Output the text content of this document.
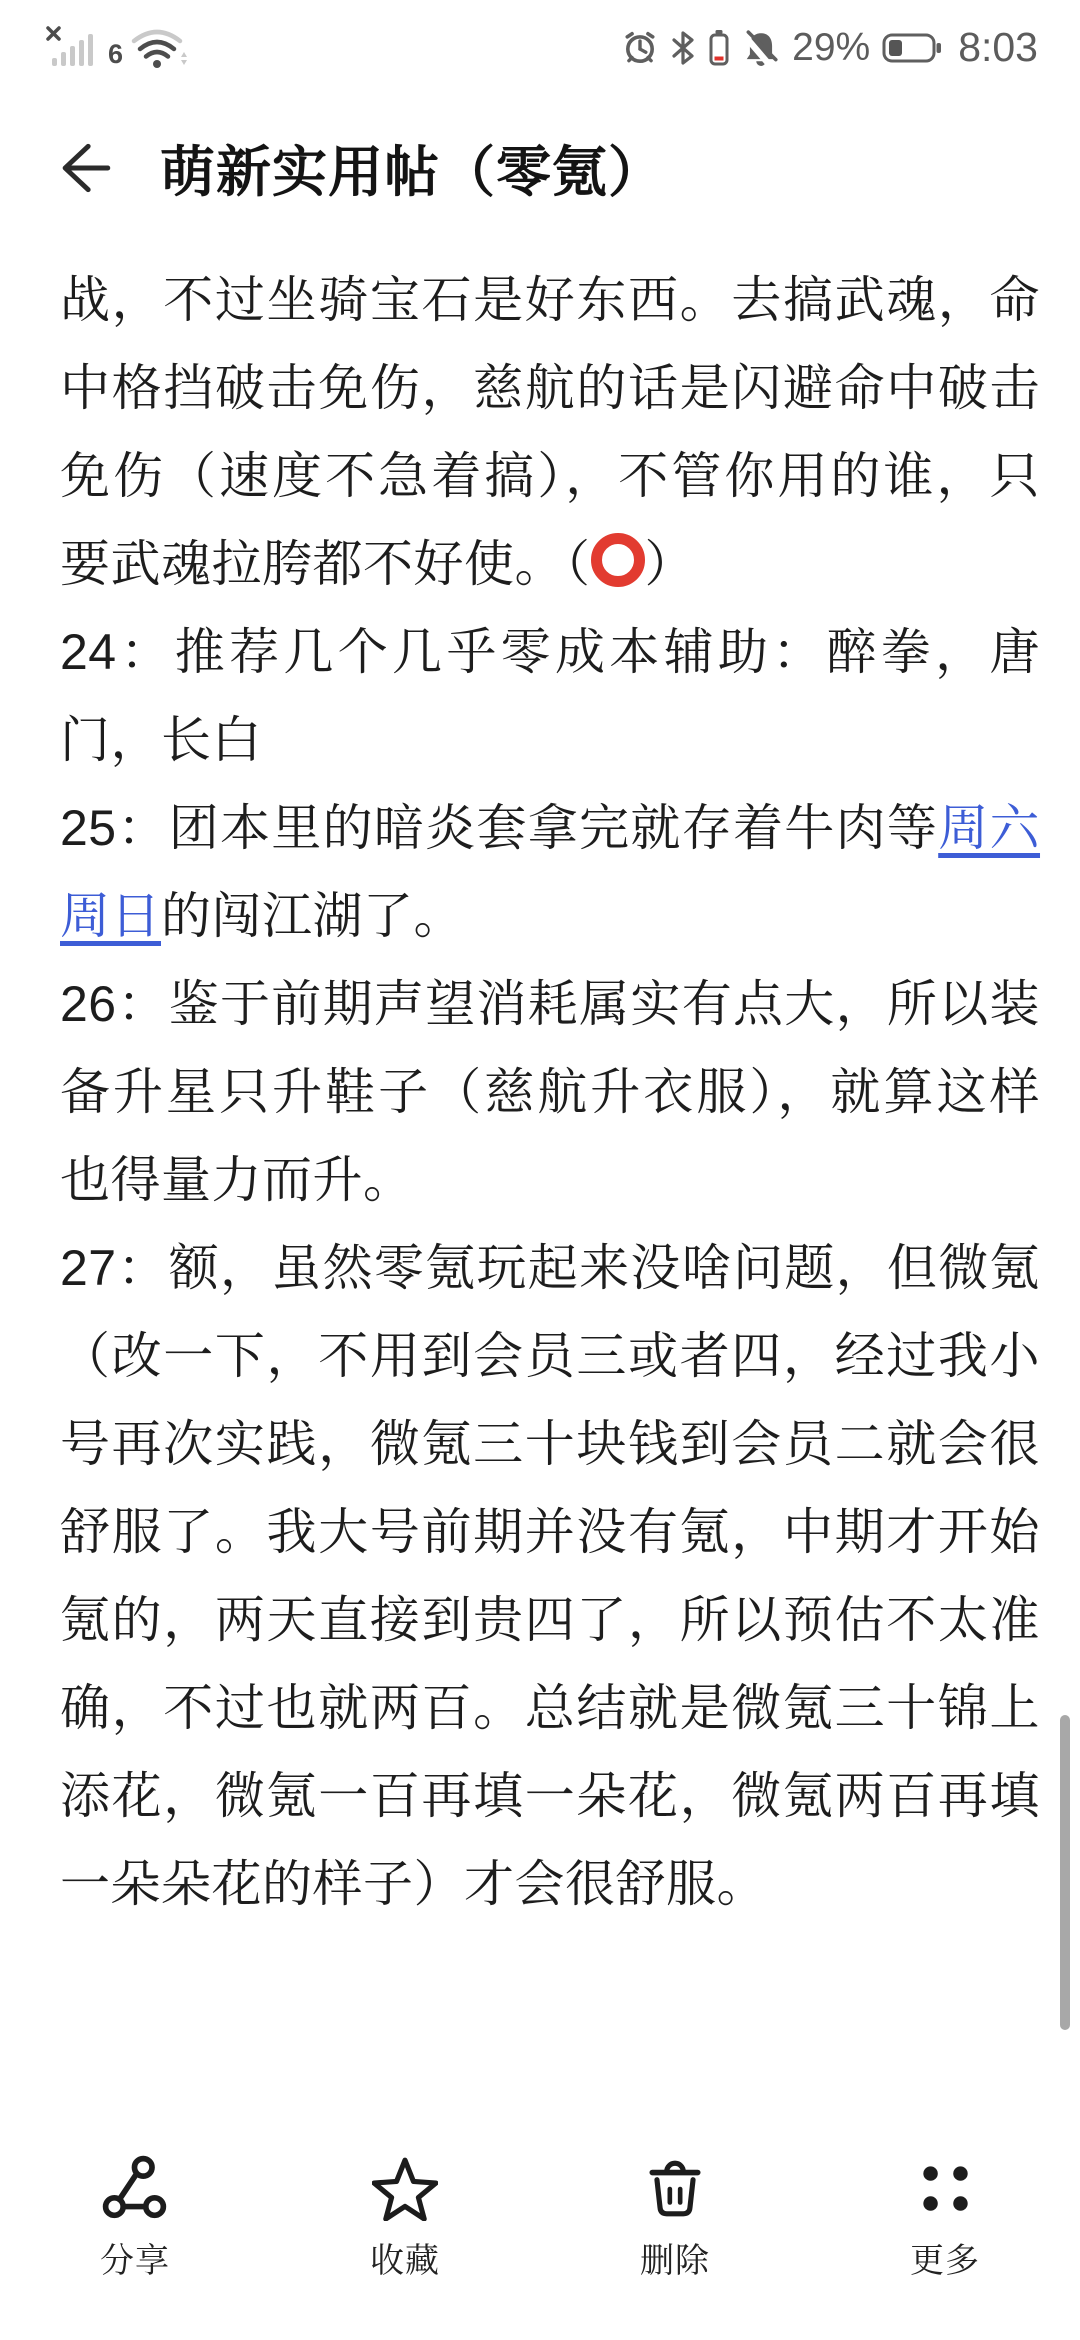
6	29% 8:03
萌新实用帖（零氪）

战，不过坐骑宝石是好东西。去搞武魂，命中格挡破击免伤，慈航的话是闪避命中破击免伤（速度不急着搞），不管你用的谁，只要武魂拉胯都不好使。（ ）

24：推荐几个几乎零成本辅助：醉拳，唐门，长白

25：团本里的暗炎套拿完就存着牛肉等周六周日的闯江湖了。

26：鉴于前期声望消耗属实有点大，所以装备升星只升鞋子（慈航升衣服），就算这样也得量力而升。

27：额，虽然零氪玩起来没啥问题，但微氪（改一下，不用到会员三或者四，经过我小号再次实践，微氪三十块钱到会员二就会很舒服了。我大号前期并没有氪，中期才开始氪的，两天直接到贵四了，所以预估不太准确，不过也就两百。总结就是微氪三十锦上添花，微氪一百再填一朵花，微氪两百再填一朵朵花的样子）才会很舒服。

分享	收藏	删除	更多
